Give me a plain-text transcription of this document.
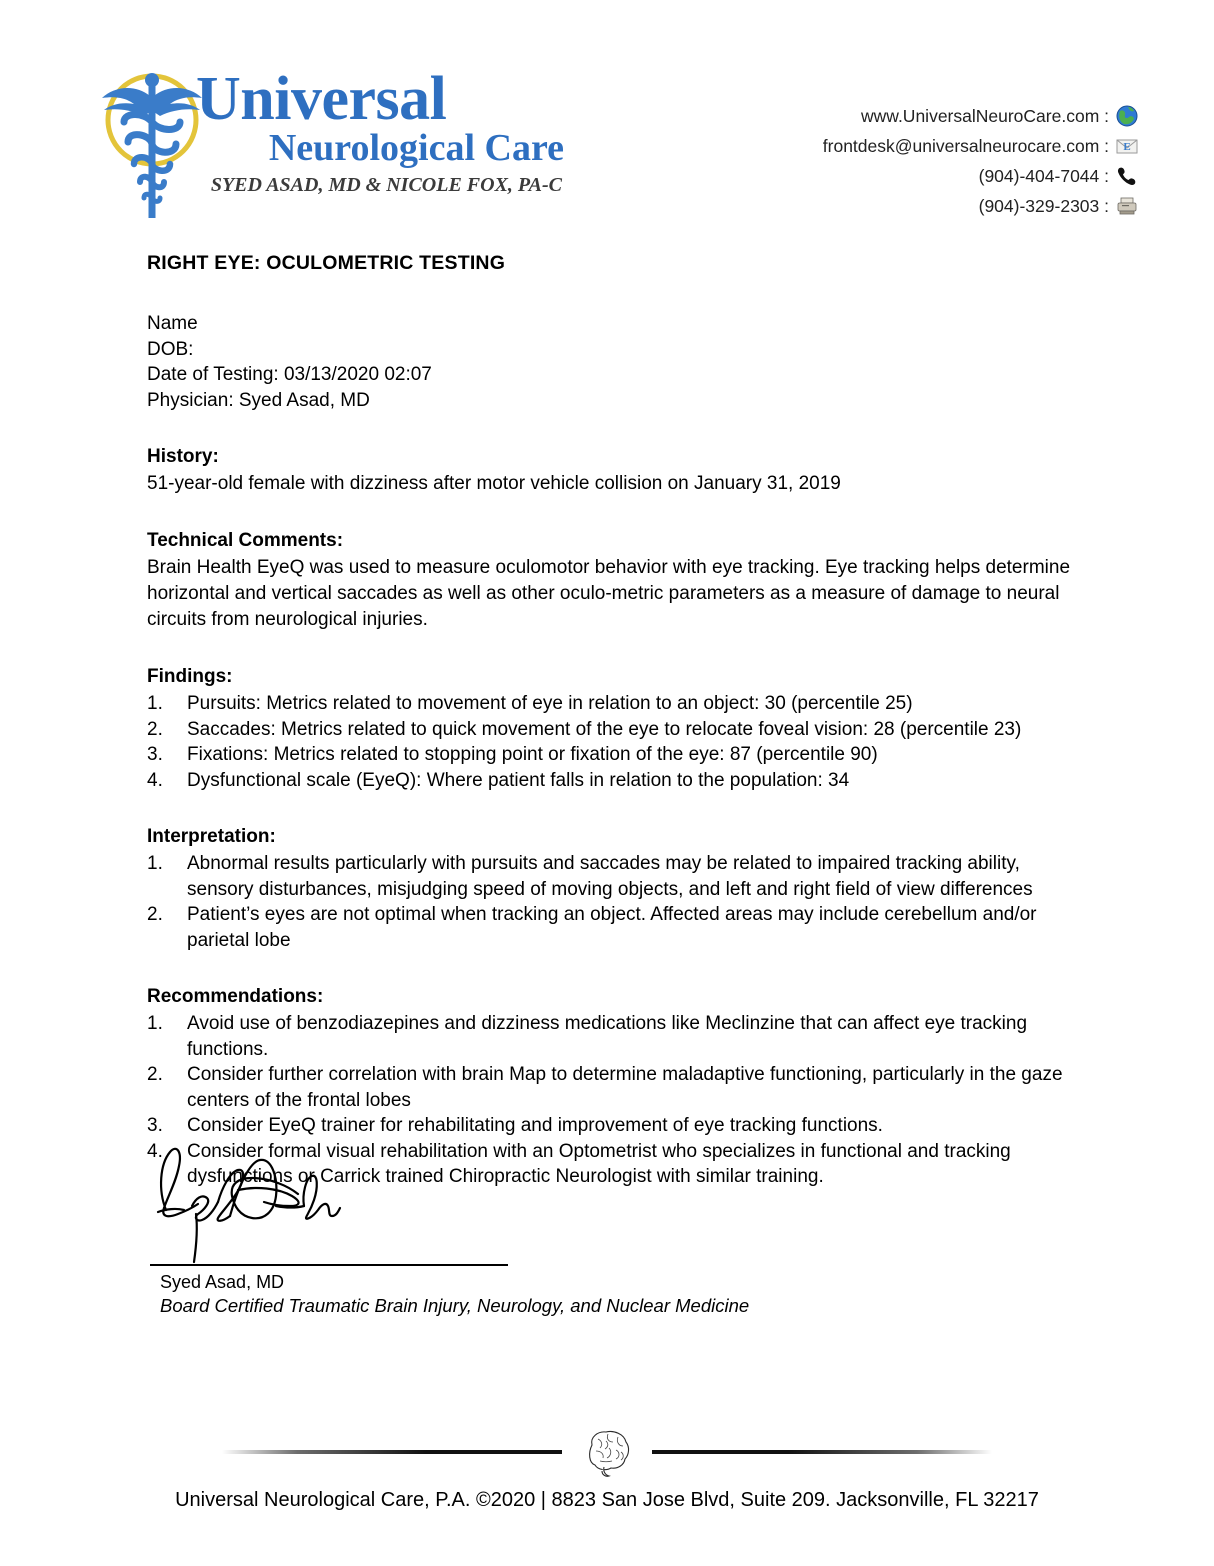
Universal
Neurological Care
SYED ASAD, MD & NICOLE FOX, PA-C
www.UniversalNeuroCare.com :
frontdesk@universalneurocare.com : E
(904)-404-7044 :
(904)-329-2303 :
RIGHT EYE: OCULOMETRIC TESTING

Name

DOB:

Date of Testing: 03/13/2020 02:07

Physician: Syed Asad, MD

History:

51-year-old female with dizziness after motor vehicle collision on January 31, 2019

Technical Comments:

Brain Health EyeQ was used to measure oculomotor behavior with eye tracking. Eye tracking helps determine horizontal and vertical saccades as well as other oculo-metric parameters as a measure of damage to neural circuits from neurological injuries.

Findings:

1.	Pursuits: Metrics related to movement of eye in relation to an object: 30 (percentile 25)
2.	Saccades: Metrics related to quick movement of the eye to relocate foveal vision: 28 (percentile 23)
3.	Fixations: Metrics related to stopping point or fixation of the eye: 87 (percentile 90)
4.	Dysfunctional scale (EyeQ): Where patient falls in relation to the population: 34

Interpretation:

1.	Abnormal results particularly with pursuits and saccades may be related to impaired tracking ability, sensory disturbances, misjudging speed of moving objects, and left and right field of view differences
2.	Patient’s eyes are not optimal when tracking an object. Affected areas may include cerebellum and/or parietal lobe

Recommendations:

1.	Avoid use of benzodiazepines and dizziness medications like Meclinzine that can affect eye tracking functions.
2.	Consider further correlation with brain Map to determine maladaptive functioning, particularly in the gaze centers of the frontal lobes
3.	Consider EyeQ trainer for rehabilitating and improvement of eye tracking functions.
4.	Consider formal visual rehabilitation with an Optometrist who specializes in functional and tracking dysfunctions or Carrick trained Chiropractic Neurologist with similar training.
Syed Asad, MD
Board Certified Traumatic Brain Injury, Neurology, and Nuclear Medicine
Universal Neurological Care, P.A. ©2020 | 8823 San Jose Blvd, Suite 209. Jacksonville, FL 32217
